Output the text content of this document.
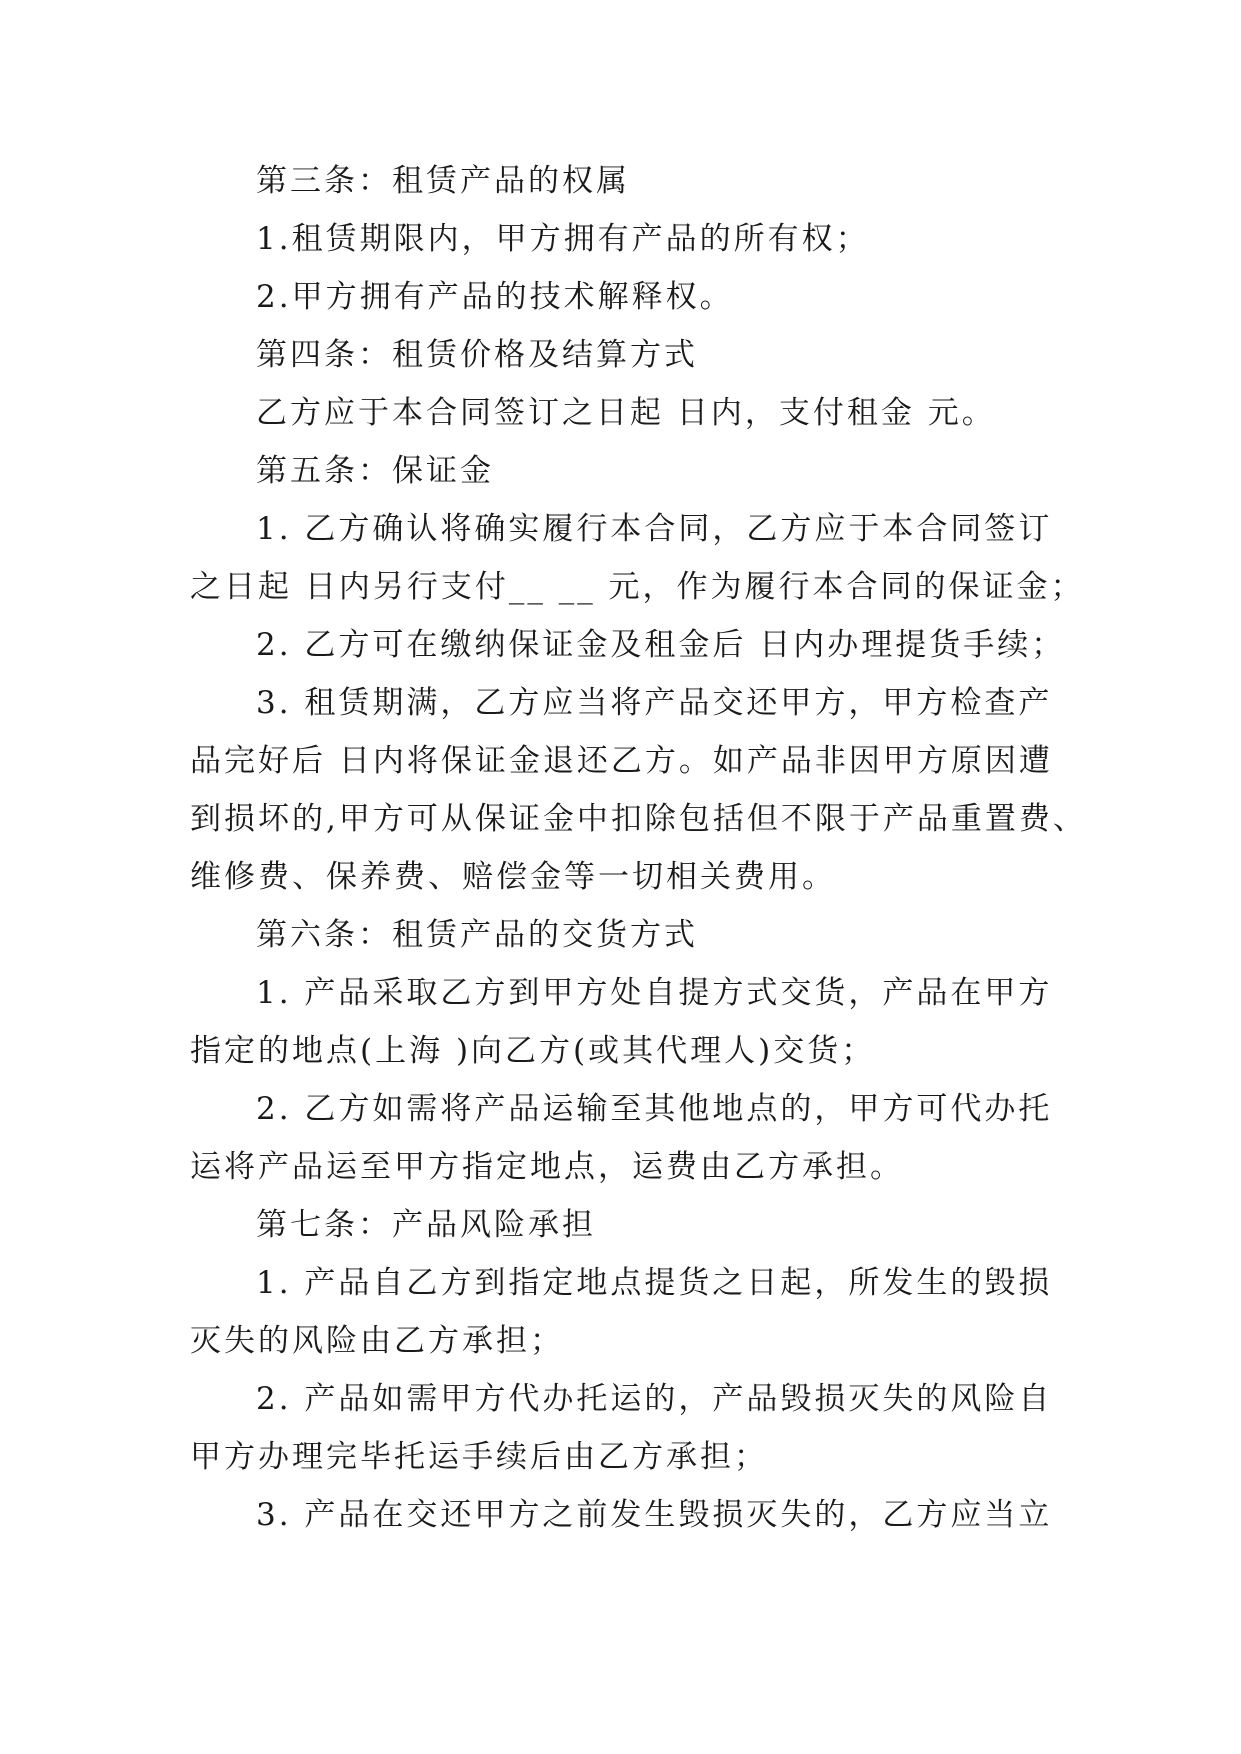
第三条：租赁产品的权属
1.租赁期限内，甲方拥有产品的所有权；
2.甲方拥有产品的技术解释权。
第四条：租赁价格及结算方式
乙方应于本合同签订之日起 日内，支付租金 元。
第五条：保证金
1. 乙方确认将确实履行本合同，乙方应于本合同签订
之日起 日内另行支付__ __ 元，作为履行本合同的保证金；
2. 乙方可在缴纳保证金及租金后 日内办理提货手续；
3. 租赁期满，乙方应当将产品交还甲方，甲方检查产
品完好后 日内将保证金退还乙方。如产品非因甲方原因遭
到损坏的,甲方可从保证金中扣除包括但不限于产品重置费、
维修费、保养费、赔偿金等一切相关费用。
第六条：租赁产品的交货方式
1. 产品采取乙方到甲方处自提方式交货，产品在甲方
指定的地点(上海 )向乙方(或其代理人)交货；
2. 乙方如需将产品运输至其他地点的，甲方可代办托
运将产品运至甲方指定地点，运费由乙方承担。
第七条：产品风险承担
1. 产品自乙方到指定地点提货之日起，所发生的毁损
灭失的风险由乙方承担；
2. 产品如需甲方代办托运的，产品毁损灭失的风险自
甲方办理完毕托运手续后由乙方承担；
3. 产品在交还甲方之前发生毁损灭失的，乙方应当立
